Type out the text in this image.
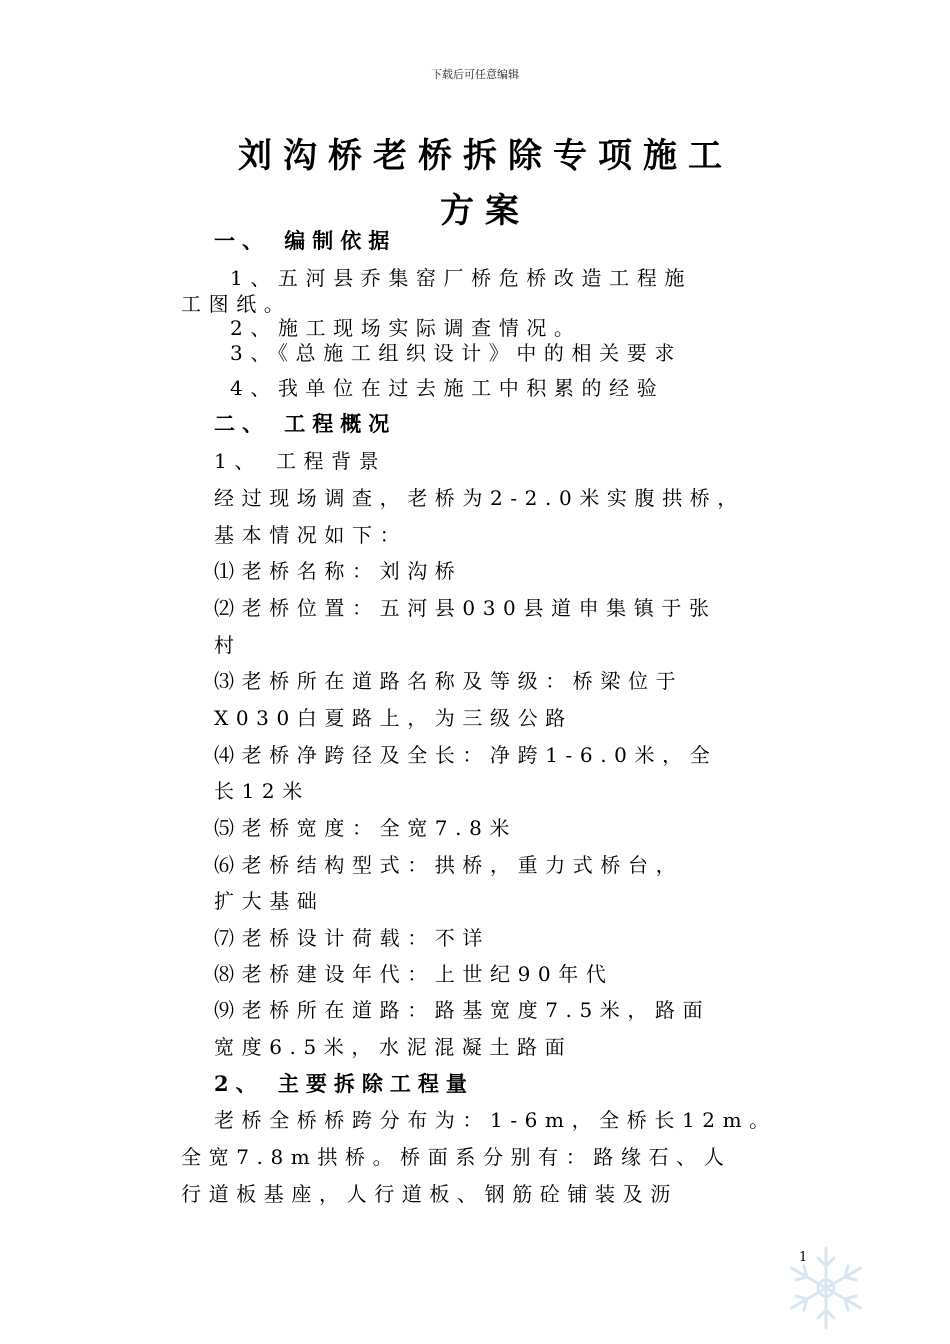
下载后可任意编辑
刘沟桥老桥拆除专项施工
方案
一、 编制依据
1、五河县乔集窑厂桥危桥改造工程施
工图纸。
2、施工现场实际调查情况。
3、《总施工组织设计》中的相关要求
4、我单位在过去施工中积累的经验
二、 工程概况
1、 工程背景
经过现场调查，老桥为2-2.0米实腹拱桥，
基本情况如下：
⑴老桥名称：刘沟桥
⑵老桥位置：五河县030县道申集镇于张
村
⑶老桥所在道路名称及等级：桥梁位于
X030白夏路上，为三级公路
⑷老桥净跨径及全长：净跨1-6.0米，全
长12米
⑸老桥宽度：全宽7.8米
⑹老桥结构型式：拱桥，重力式桥台，
扩大基础
⑺老桥设计荷载：不详
⑻老桥建设年代：上世纪90年代
⑼老桥所在道路：路基宽度7.5米，路面
宽度6.5米，水泥混凝土路面
2、 主要拆除工程量
老桥全桥桥跨分布为：1-6m，全桥长12m。
全宽7.8m拱桥。桥面系分别有：路缘石、人
行道板基座，人行道板、钢筋砼铺装及沥
1
